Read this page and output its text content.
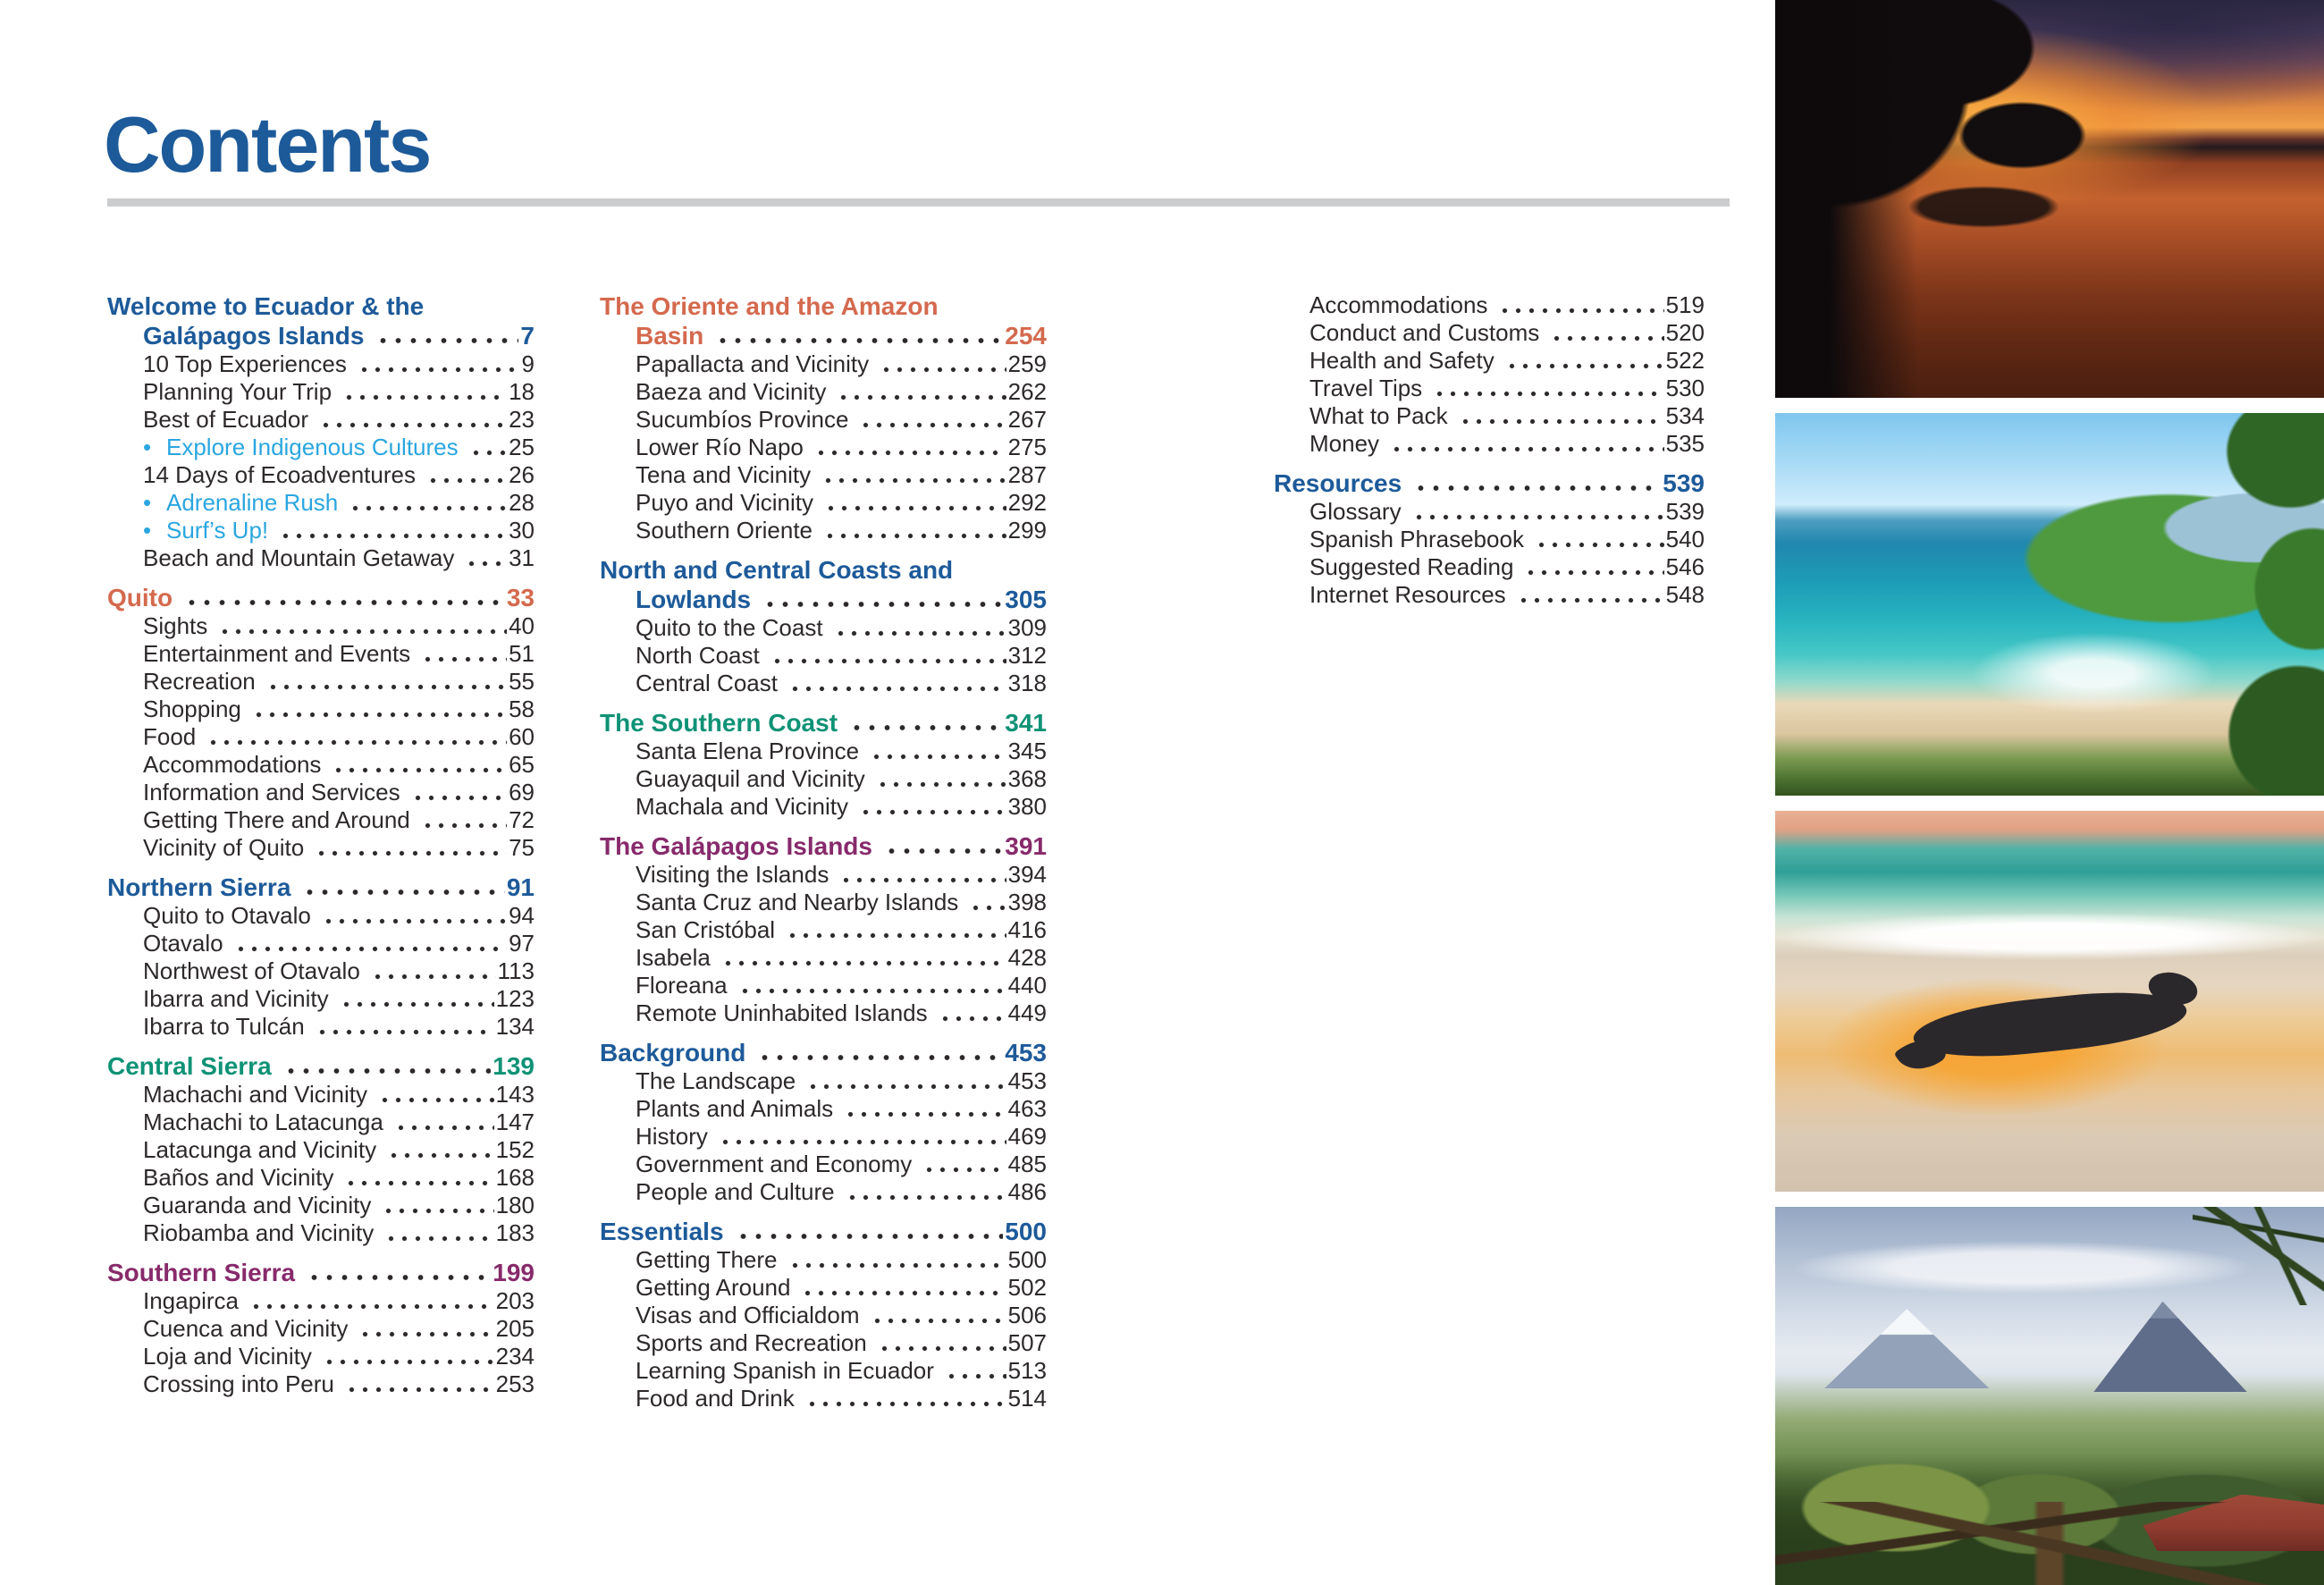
Contents
Welcome to Ecuador & the
Galápagos Islands	7
10 Top Experiences	9
Planning Your Trip	18
Best of Ecuador	23
• Explore Indigenous Cultures 25
14 Days of Ecoadventures	26
• Adrenaline Rush	28
• Surf’s Up!	30
Beach and Mountain Getaway 31
Quito	33
Sights	40
Entertainment and Events	51
Recreation	55
Shopping	58
Food	60
Accommodations	65
Information and Services	69
Getting There and Around	72
Vicinity of Quito	75
Northern Sierra	91
Quito to Otavalo	94
Otavalo	97
Northwest of Otavalo	113
Ibarra and Vicinity	123
Ibarra to Tulcán	134
Central Sierra	139
Machachi and Vicinity	143
Machachi to Latacunga	147
Latacunga and Vicinity	152
Baños and Vicinity	168
Guaranda and Vicinity	180
Riobamba and Vicinity	183
Southern Sierra	199
Ingapirca	203
Cuenca and Vicinity	205
Loja and Vicinity	234
Crossing into Peru	253
The Oriente and the Amazon
Basin	254
Papallacta and Vicinity	259
Baeza and Vicinity	262
Sucumbíos Province	267
Lower Río Napo	275
Tena and Vicinity	287
Puyo and Vicinity	292
Southern Oriente	299
North and Central Coasts and
Lowlands	305
Quito to the Coast	309
North Coast	312
Central Coast	318
The Southern Coast	341
Santa Elena Province	345
Guayaquil and Vicinity	368
Machala and Vicinity	380
The Galápagos Islands	391
Visiting the Islands	394
Santa Cruz and Nearby Islands 398
San Cristóbal	416
Isabela	428
Floreana	440
Remote Uninhabited Islands	449
Background	453
The Landscape	453
Plants and Animals	463
History	469
Government and Economy	485
People and Culture	486
Essentials	500
Getting There	500
Getting Around	502
Visas and Officialdom	506
Sports and Recreation	507
Learning Spanish in Ecuador	513
Food and Drink	514
Accommodations	519
Conduct and Customs	520
Health and Safety	522
Travel Tips	530
What to Pack	534
Money	535
Resources	539
Glossary	539
Spanish Phrasebook	540
Suggested Reading	546
Internet Resources	548
